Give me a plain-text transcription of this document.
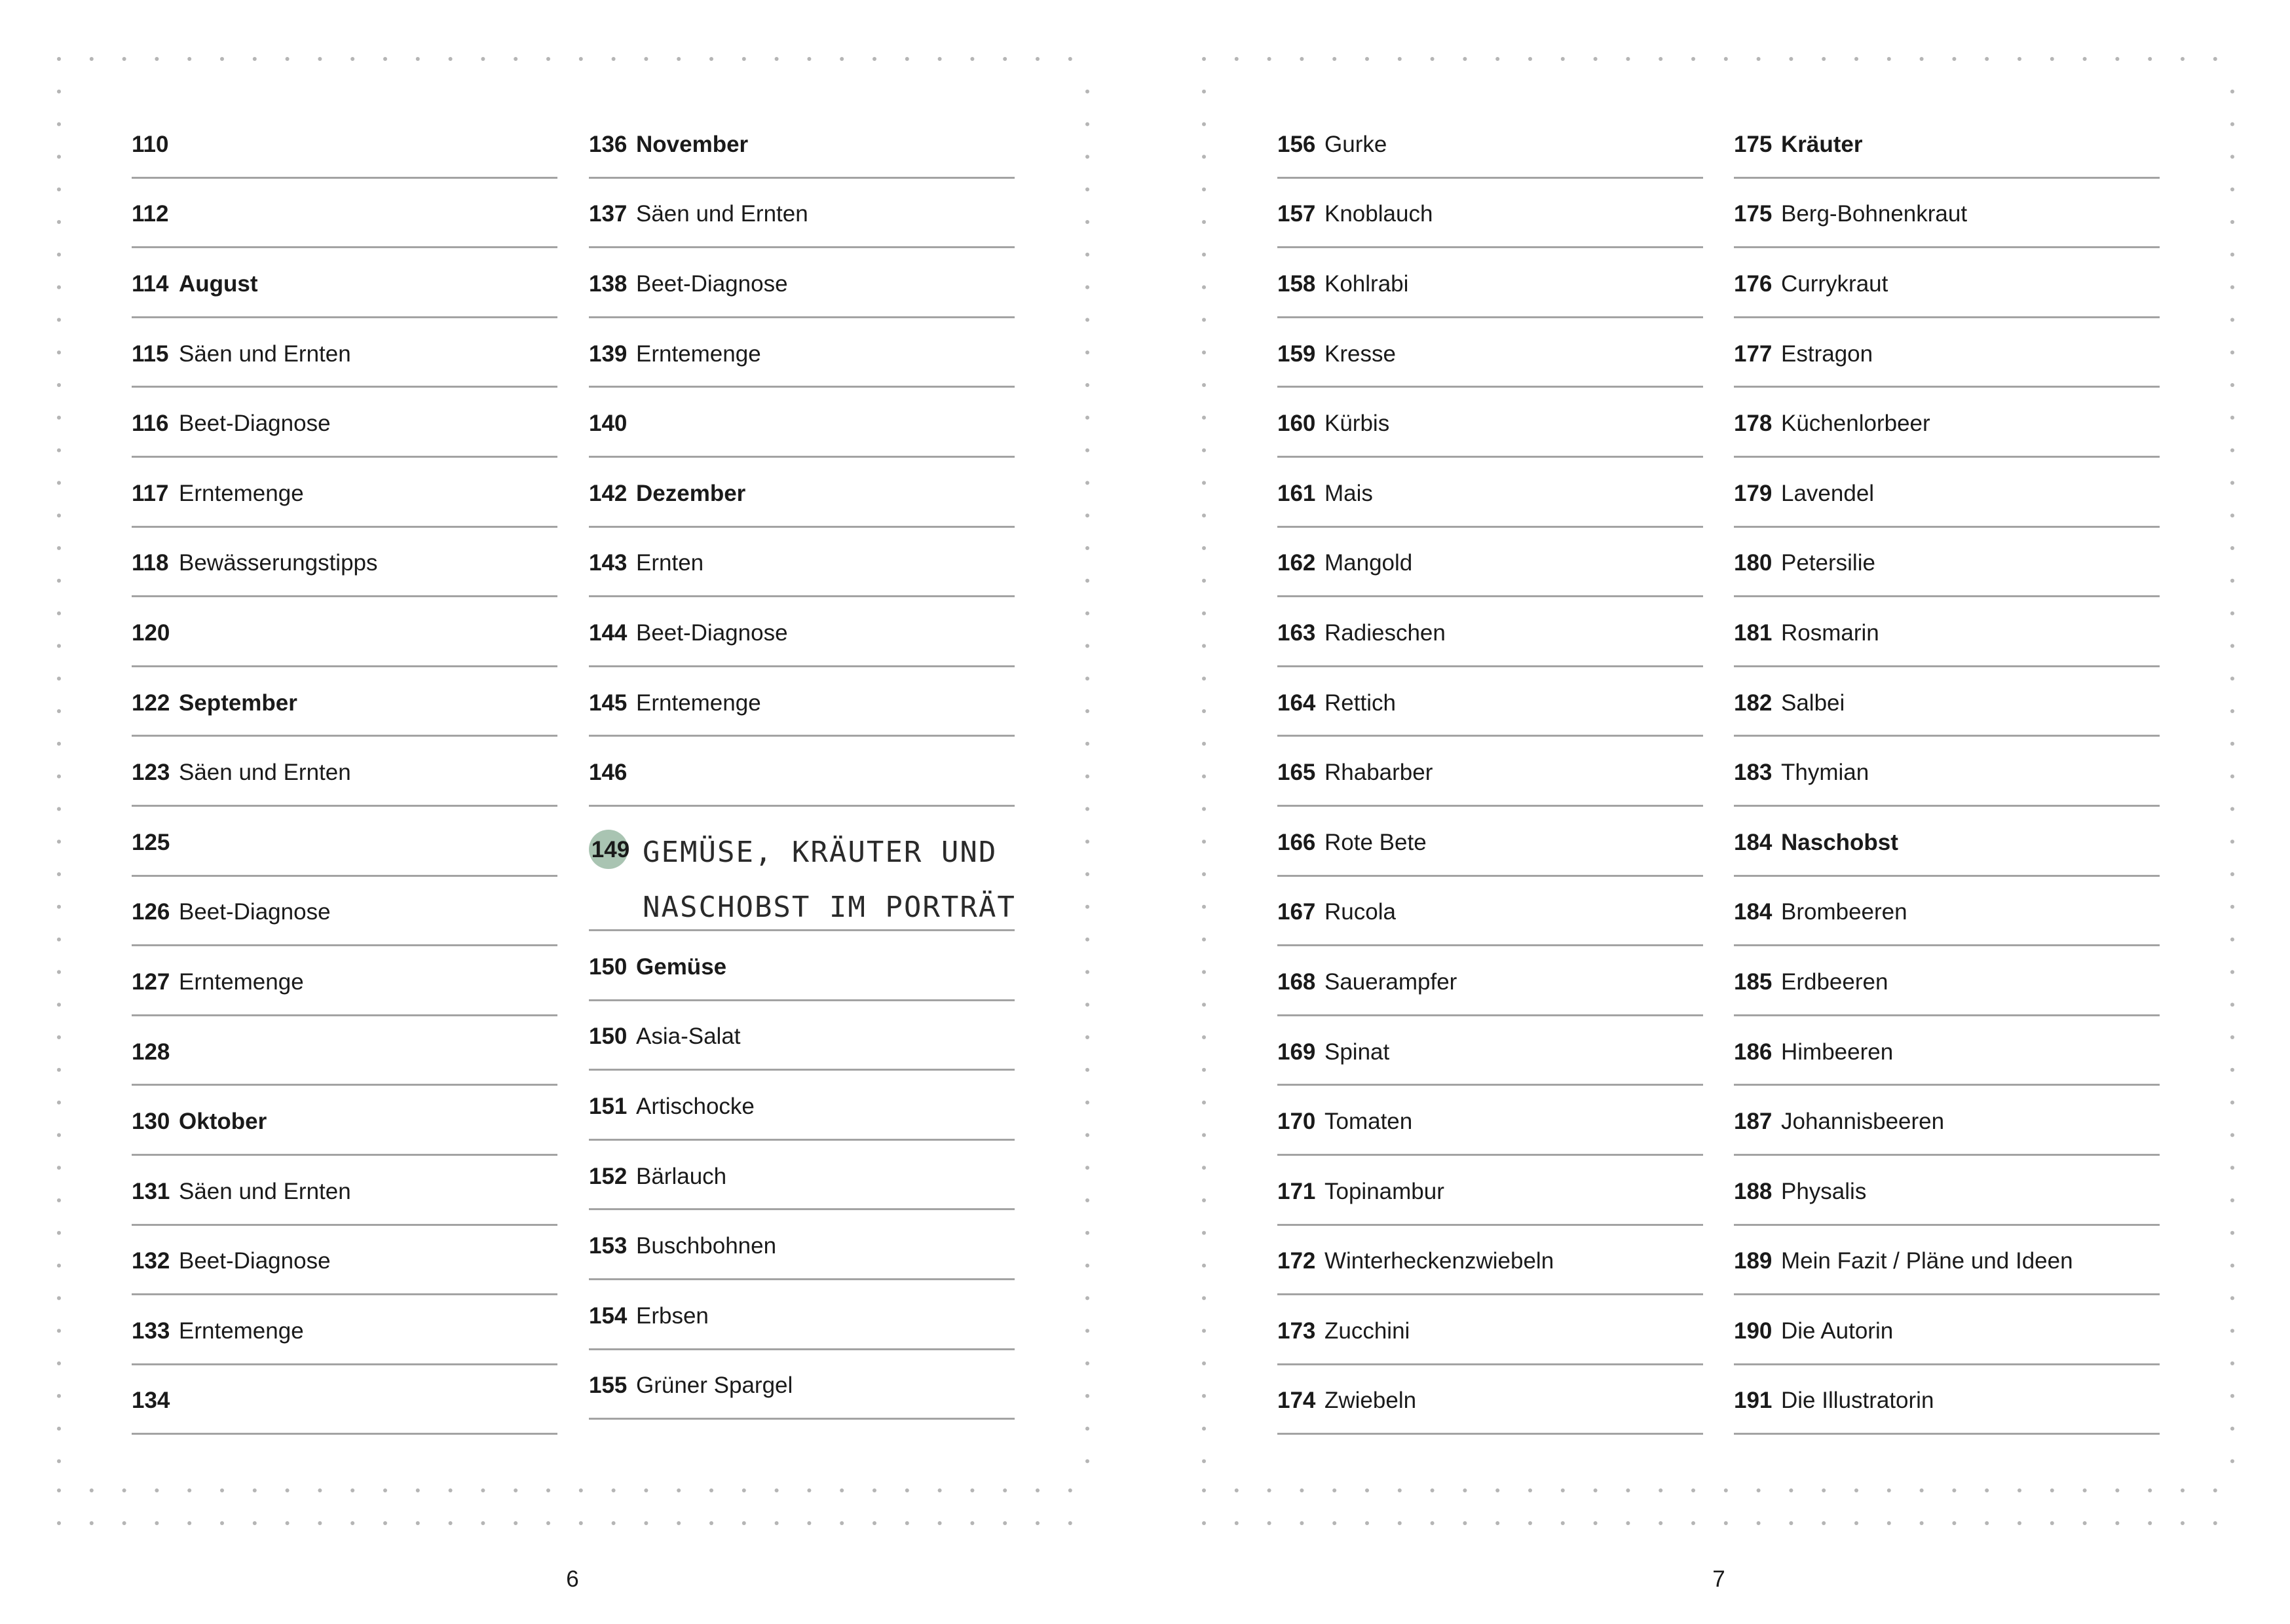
110
112
114 August
115 Säen und Ernten
116 Beet-Diagnose
117 Erntemenge
118 Bewässerungstipps
120
122 September
123 Säen und Ernten
125
126 Beet-Diagnose
127 Erntemenge
128
130 Oktober
131 Säen und Ernten
132 Beet-Diagnose
133 Erntemenge
134
136 November
137 Säen und Ernten
138 Beet-Diagnose
139 Erntemenge
140
142 Dezember
143 Ernten
144 Beet-Diagnose
145 Erntemenge
146
149 GEMÜSE, KRÄUTER UND NASCHOBST IM PORTRÄT
150 Gemüse
150 Asia-Salat
151 Artischocke
152 Bärlauch
153 Buschbohnen
154 Erbsen
155 Grüner Spargel
6
156 Gurke
157 Knoblauch
158 Kohlrabi
159 Kresse
160 Kürbis
161 Mais
162 Mangold
163 Radieschen
164 Rettich
165 Rhabarber
166 Rote Bete
167 Rucola
168 Sauerampfer
169 Spinat
170 Tomaten
171 Topinambur
172 Winterheckenzwiebeln
173 Zucchini
174 Zwiebeln
175 Kräuter
175 Berg-Bohnenkraut
176 Currykraut
177 Estragon
178 Küchenlorbeer
179 Lavendel
180 Petersilie
181 Rosmarin
182 Salbei
183 Thymian
184 Naschobst
184 Brombeeren
185 Erdbeeren
186 Himbeeren
187 Johannisbeeren
188 Physalis
189 Mein Fazit / Pläne und Ideen
190 Die Autorin
191 Die Illustratorin
7
